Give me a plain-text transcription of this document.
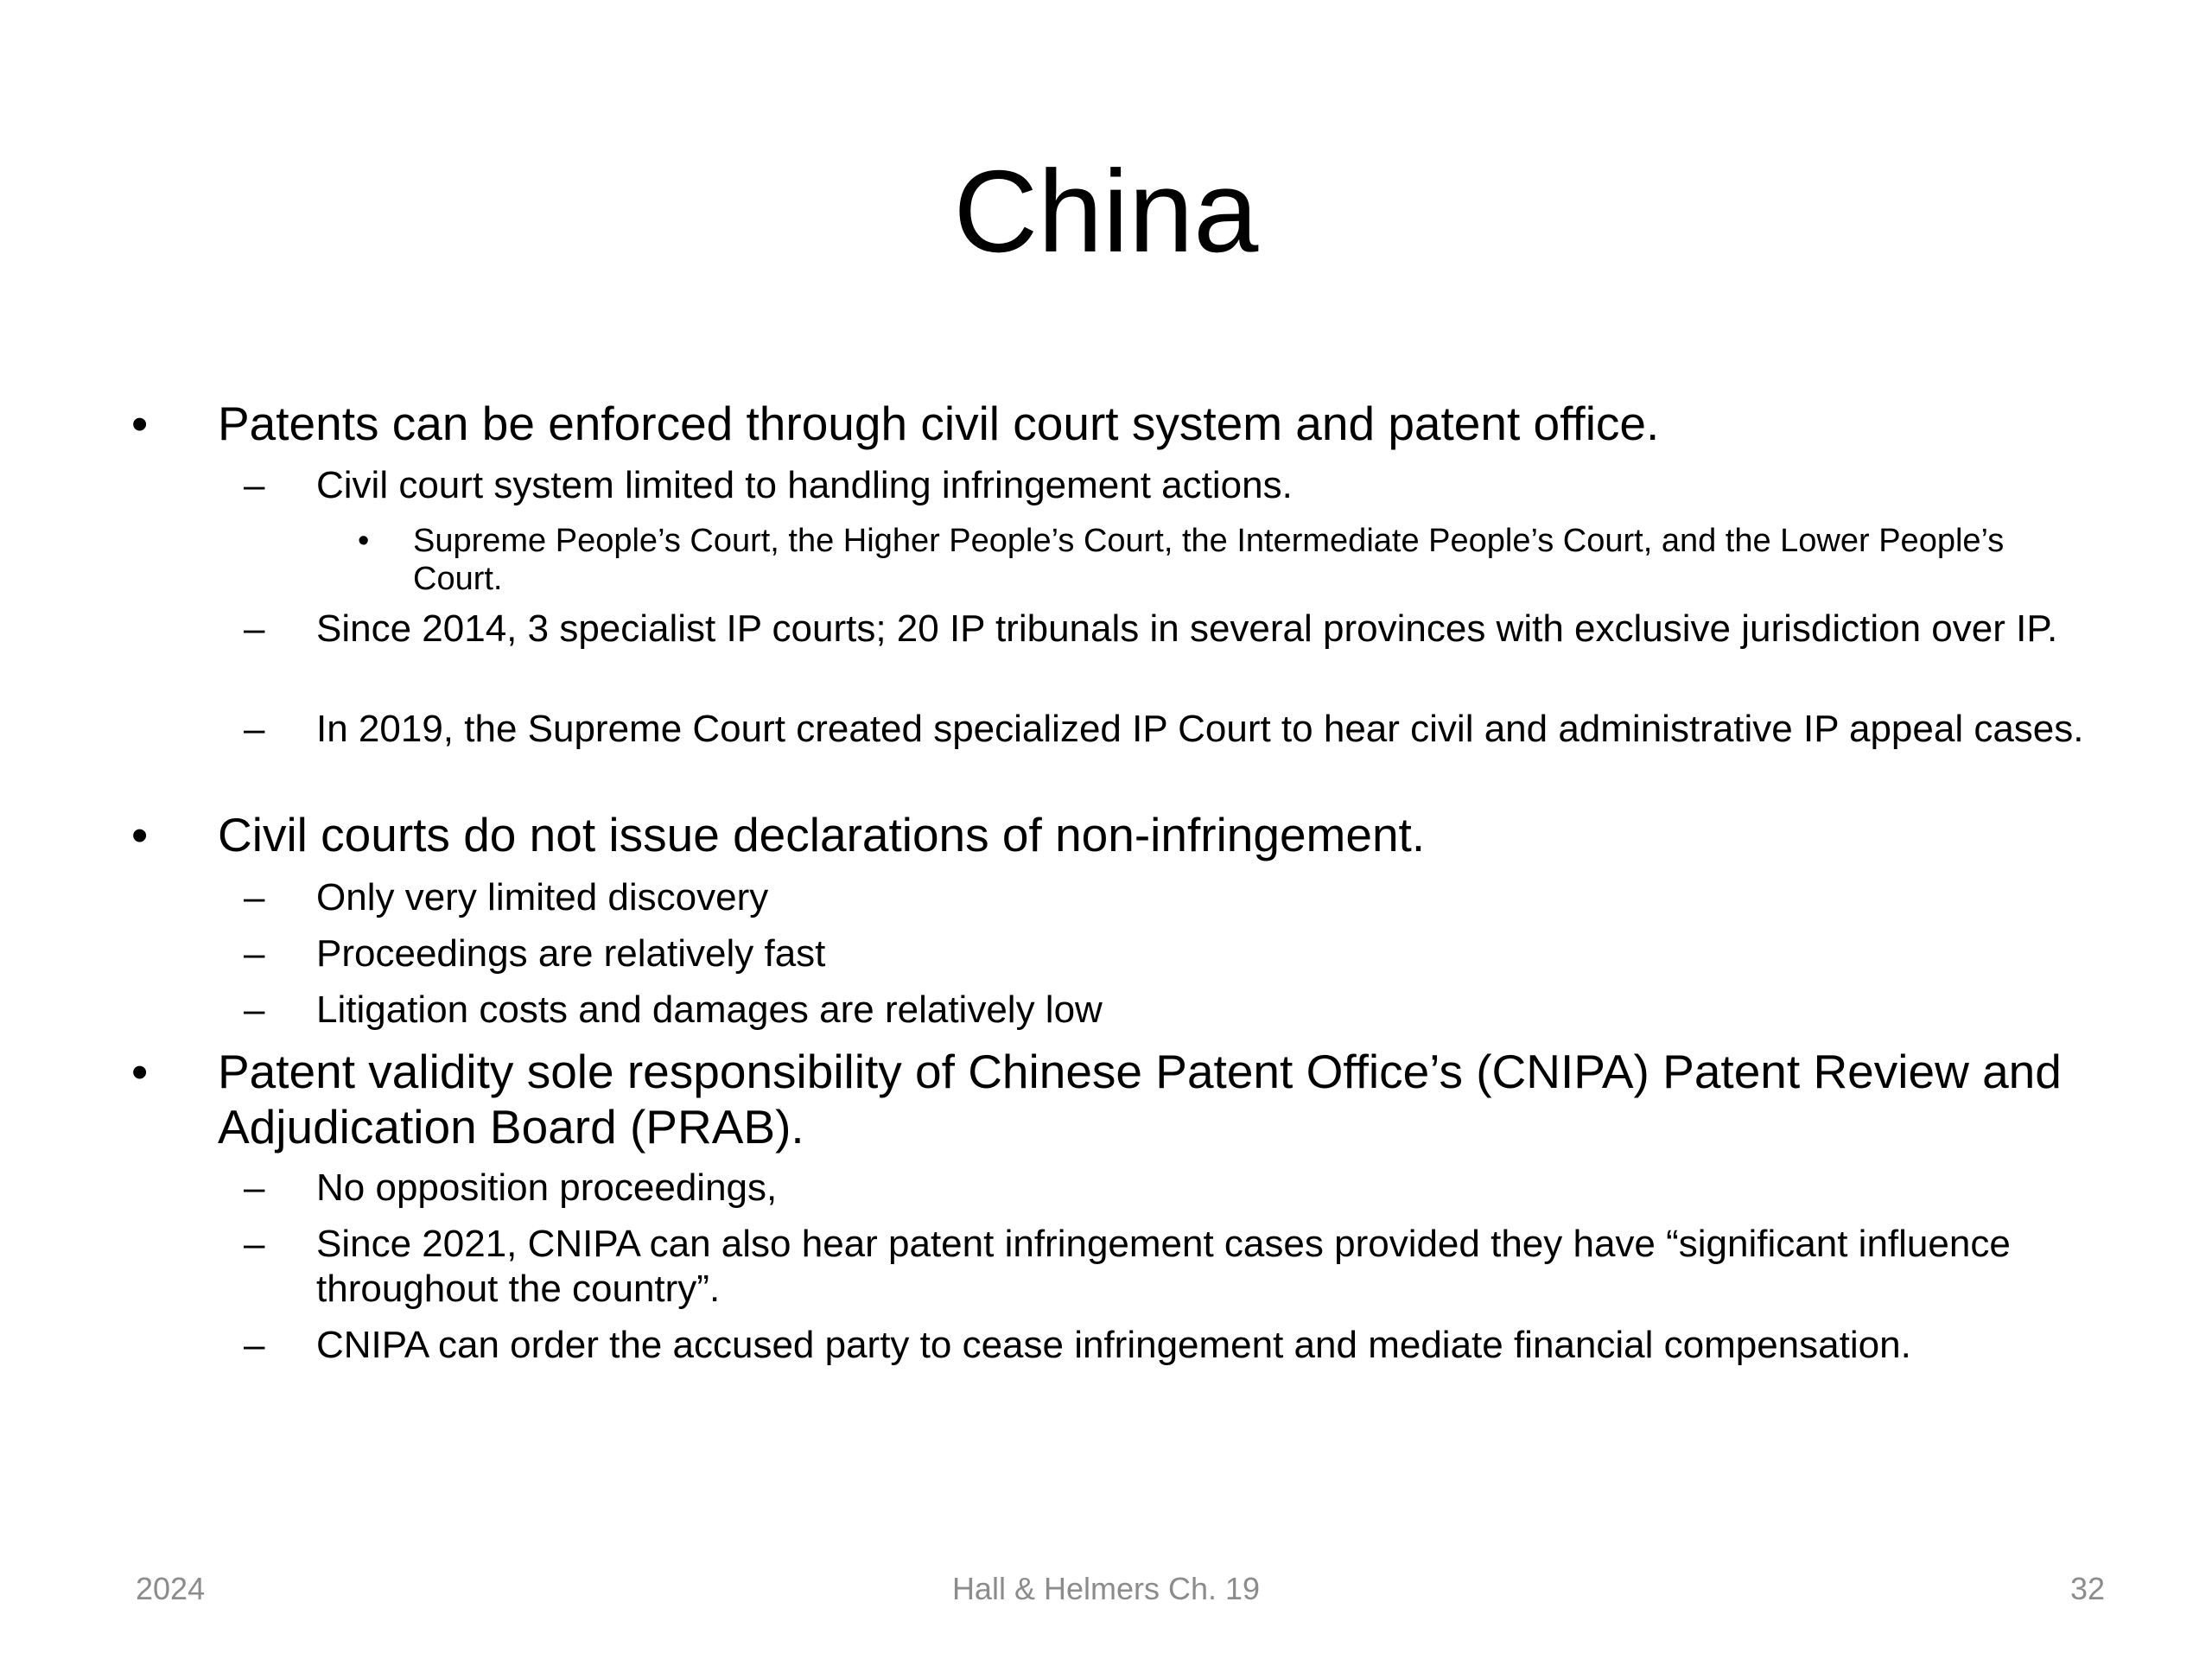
China
• Patents can be enforced through civil court system and patent office.
– Civil court system limited to handling infringement actions.
• Supreme People’s Court, the Higher People’s Court, the Intermediate People’s Court, and the Lower People’s Court.
– Since 2014, 3 specialist IP courts; 20 IP tribunals in several provinces with exclusive jurisdiction over IP.
– In 2019, the Supreme Court created specialized IP Court to hear civil and administrative IP appeal cases.
• Civil courts do not issue declarations of non-infringement.
– Only very limited discovery
– Proceedings are relatively fast
– Litigation costs and damages are relatively low
• Patent validity sole responsibility of Chinese Patent Office’s (CNIPA) Patent Review and Adjudication Board (PRAB).
– No opposition proceedings,
– Since 2021, CNIPA can also hear patent infringement cases provided they have “significant influence throughout the country”.
– CNIPA can order the accused party to cease infringement and mediate financial compensation.
2024	Hall & Helmers Ch. 19	32
